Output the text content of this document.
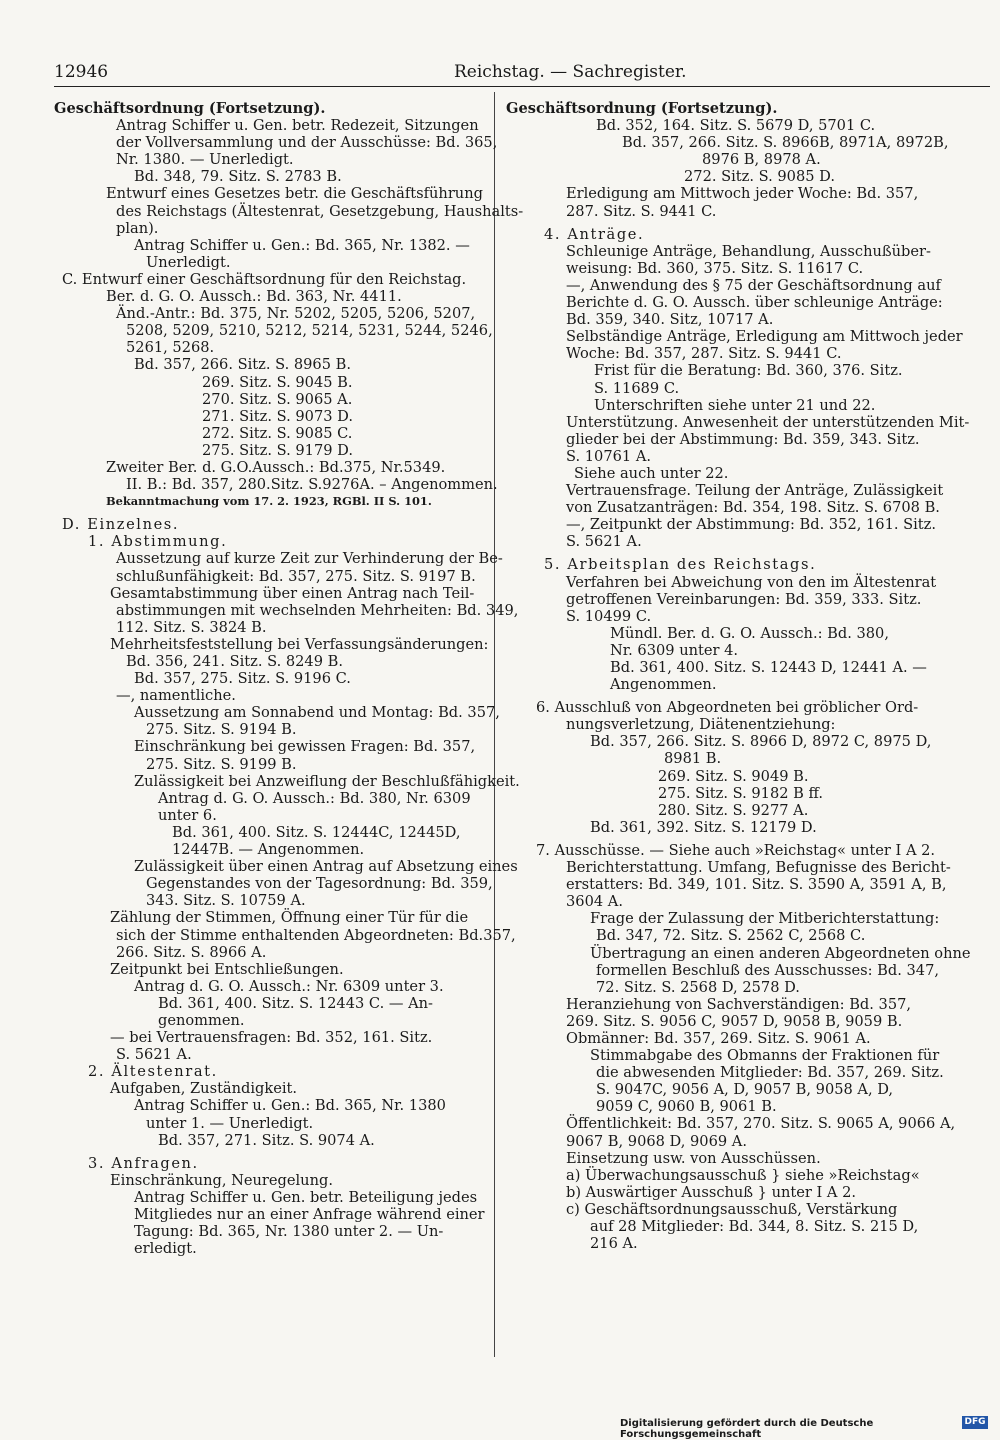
12946	Reichstag. — Sachregister.
Geschäftsordnung (Fortsetzung).
Antrag Schiffer u. Gen. betr. Redezeit, Sitzungen
der Vollversammlung und der Ausschüsse: Bd. 365,
Nr. 1380. — Unerledigt.
Bd. 348, 79. Sitz. S. 2783 B.
Entwurf eines Gesetzes betr. die Geschäftsführung
des Reichstags (Ältestenrat, Gesetzgebung, Haushalts-
plan).
Antrag Schiffer u. Gen.: Bd. 365, Nr. 1382. —
Unerledigt.
C. Entwurf einer Geschäftsordnung für den Reichstag.
Ber. d. G. O. Aussch.: Bd. 363, Nr. 4411.
Änd.-Antr.: Bd. 375, Nr. 5202, 5205, 5206, 5207,
5208, 5209, 5210, 5212, 5214, 5231, 5244, 5246,
5261, 5268.
Bd. 357, 266. Sitz. S. 8965 B.
269. Sitz. S. 9045 B.
270. Sitz. S. 9065 A.
271. Sitz. S. 9073 D.
272. Sitz. S. 9085 C.
275. Sitz. S. 9179 D.
Zweiter Ber. d. G.O.Aussch.: Bd.375, Nr.5349.
II. B.: Bd. 357, 280.Sitz. S.9276A. – Angenommen.
Bekanntmachung vom 17. 2. 1923, RGBl. II S. 101.
D. Einzelnes.
1. Abstimmung.
Aussetzung auf kurze Zeit zur Verhinderung der Be-
schlußunfähigkeit: Bd. 357, 275. Sitz. S. 9197 B.
Gesamtabstimmung über einen Antrag nach Teil-
abstimmungen mit wechselnden Mehrheiten: Bd. 349,
112. Sitz. S. 3824 B.
Mehrheitsfeststellung bei Verfassungsänderungen:
Bd. 356, 241. Sitz. S. 8249 B.
Bd. 357, 275. Sitz. S. 9196 C.
—, namentliche.
Aussetzung am Sonnabend und Montag: Bd. 357,
275. Sitz. S. 9194 B.
Einschränkung bei gewissen Fragen: Bd. 357,
275. Sitz. S. 9199 B.
Zulässigkeit bei Anzweiflung der Beschlußfähigkeit.
Antrag d. G. O. Aussch.: Bd. 380, Nr. 6309
unter 6.
Bd. 361, 400. Sitz. S. 12444C, 12445D,
12447B. — Angenommen.
Zulässigkeit über einen Antrag auf Absetzung eines
Gegenstandes von der Tagesordnung: Bd. 359,
343. Sitz. S. 10759 A.
Zählung der Stimmen, Öffnung einer Tür für die
sich der Stimme enthaltenden Abgeordneten: Bd.357,
266. Sitz. S. 8966 A.
Zeitpunkt bei Entschließungen.
Antrag d. G. O. Aussch.: Nr. 6309 unter 3.
Bd. 361, 400. Sitz. S. 12443 C. — An-
genommen.
— bei Vertrauensfragen: Bd. 352, 161. Sitz.
S. 5621 A.
2. Ältestenrat.
Aufgaben, Zuständigkeit.
Antrag Schiffer u. Gen.: Bd. 365, Nr. 1380
unter 1. — Unerledigt.
Bd. 357, 271. Sitz. S. 9074 A.
3. Anfragen.
Einschränkung, Neuregelung.
Antrag Schiffer u. Gen. betr. Beteiligung jedes
Mitgliedes nur an einer Anfrage während einer
Tagung: Bd. 365, Nr. 1380 unter 2. — Un-
erledigt.
Geschäftsordnung (Fortsetzung).
Bd. 352, 164. Sitz. S. 5679 D, 5701 C.
Bd. 357, 266. Sitz. S. 8966B, 8971A, 8972B,
8976 B, 8978 A.
272. Sitz. S. 9085 D.
Erledigung am Mittwoch jeder Woche: Bd. 357,
287. Sitz. S. 9441 C.
4. Anträge.
Schleunige Anträge, Behandlung, Ausschußüber-
weisung: Bd. 360, 375. Sitz. S. 11617 C.
—, Anwendung des § 75 der Geschäftsordnung auf
Berichte d. G. O. Aussch. über schleunige Anträge:
Bd. 359, 340. Sitz, 10717 A.
Selbständige Anträge, Erledigung am Mittwoch jeder
Woche: Bd. 357, 287. Sitz. S. 9441 C.
Frist für die Beratung: Bd. 360, 376. Sitz.
S. 11689 C.
Unterschriften siehe unter 21 und 22.
Unterstützung. Anwesenheit der unterstützenden Mit-
glieder bei der Abstimmung: Bd. 359, 343. Sitz.
S. 10761 A.
Siehe auch unter 22.
Vertrauensfrage. Teilung der Anträge, Zulässigkeit
von Zusatzanträgen: Bd. 354, 198. Sitz. S. 6708 B.
—, Zeitpunkt der Abstimmung: Bd. 352, 161. Sitz.
S. 5621 A.
5. Arbeitsplan des Reichstags.
Verfahren bei Abweichung von den im Ältestenrat
getroffenen Vereinbarungen: Bd. 359, 333. Sitz.
S. 10499 C.
Mündl. Ber. d. G. O. Aussch.: Bd. 380,
Nr. 6309 unter 4.
Bd. 361, 400. Sitz. S. 12443 D, 12441 A. —
Angenommen.
6. Ausschluß von Abgeordneten bei gröblicher Ord-
nungsverletzung, Diätenentziehung:
Bd. 357, 266. Sitz. S. 8966 D, 8972 C, 8975 D,
8981 B.
269. Sitz. S. 9049 B.
275. Sitz. S. 9182 B ff.
280. Sitz. S. 9277 A.
Bd. 361, 392. Sitz. S. 12179 D.
7. Ausschüsse. — Siehe auch »Reichstag« unter I A 2.
Berichterstattung. Umfang, Befugnisse des Bericht-
erstatters: Bd. 349, 101. Sitz. S. 3590 A, 3591 A, B,
3604 A.
Frage der Zulassung der Mitberichterstattung:
Bd. 347, 72. Sitz. S. 2562 C, 2568 C.
Übertragung an einen anderen Abgeordneten ohne
formellen Beschluß des Ausschusses: Bd. 347,
72. Sitz. S. 2568 D, 2578 D.
Heranziehung von Sachverständigen: Bd. 357,
269. Sitz. S. 9056 C, 9057 D, 9058 B, 9059 B.
Obmänner: Bd. 357, 269. Sitz. S. 9061 A.
Stimmabgabe des Obmanns der Fraktionen für
die abwesenden Mitglieder: Bd. 357, 269. Sitz.
S. 9047C, 9056 A, D, 9057 B, 9058 A, D,
9059 C, 9060 B, 9061 B.
Öffentlichkeit: Bd. 357, 270. Sitz. S. 9065 A, 9066 A,
9067 B, 9068 D, 9069 A.
Einsetzung usw. von Ausschüssen.
a) Überwachungsausschuß } siehe »Reichstag«
b) Auswärtiger Ausschuß } unter I A 2.
c) Geschäftsordnungsausschuß, Verstärkung
auf 28 Mitglieder: Bd. 344, 8. Sitz. S. 215 D,
216 A.
Digitalisierung gefördert durch die Deutsche Forschungsgemeinschaft
DFG
